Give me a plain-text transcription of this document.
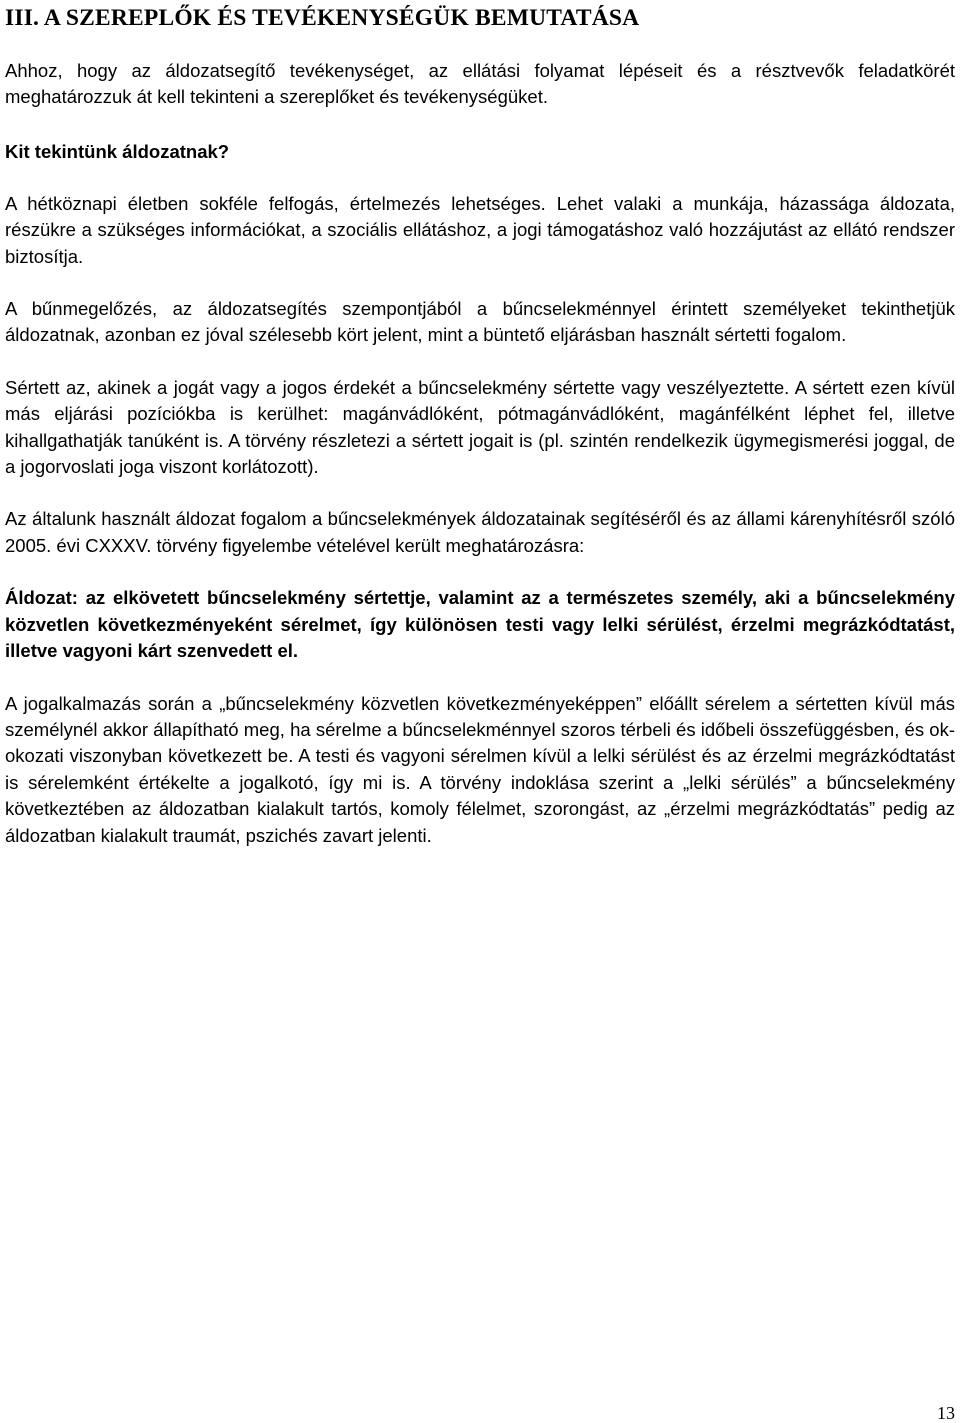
III. A SZEREPLŐK ÉS TEVÉKENYSÉGÜK BEMUTATÁSA

Ahhoz, hogy az áldozatsegítő tevékenységet, az ellátási folyamat lépéseit és a résztvevők feladatkörét meghatározzuk át kell tekinteni a szereplőket és tevékenységüket.

Kit tekintünk áldozatnak?

A hétköznapi életben sokféle felfogás, értelmezés lehetséges. Lehet valaki a munkája, házassága áldozata, részükre a szükséges információkat, a szociális ellátáshoz, a jogi támogatáshoz való hozzájutást az ellátó rendszer biztosítja.

A bűnmegelőzés, az áldozatsegítés szempontjából a bűncselekménnyel érintett személyeket tekinthetjük áldozatnak, azonban ez jóval szélesebb kört jelent, mint a büntető eljárásban használt sértetti fogalom.

Sértett az, akinek a jogát vagy a jogos érdekét a bűncselekmény sértette vagy veszélyeztette. A sértett ezen kívül más eljárási pozíciókba is kerülhet: magánvádlóként, pótmagánvádlóként, magánfélként léphet fel, illetve kihallgathatják tanúként is. A törvény részletezi a sértett jogait is (pl. szintén rendelkezik ügymegismerési joggal, de a jogorvoslati joga viszont korlátozott).

Az általunk használt áldozat fogalom a bűncselekmények áldozatainak segítéséről és az állami kárenyhítésről szóló 2005. évi CXXXV. törvény figyelembe vételével került meghatározásra:

Áldozat: az elkövetett bűncselekmény sértettje, valamint az a természetes személy, aki a bűncselekmény közvetlen következményeként sérelmet, így különösen testi vagy lelki sérülést, érzelmi megrázkódtatást, illetve vagyoni kárt szenvedett el.

A jogalkalmazás során a „bűncselekmény közvetlen következményeképpen” előállt sérelem a sértetten kívül más személynél akkor állapítható meg, ha sérelme a bűncselekménnyel szoros térbeli és időbeli összefüggésben, és ok-okozati viszonyban következett be. A testi és vagyoni sérelmen kívül a lelki sérülést és az érzelmi megrázkódtatást is sérelemként értékelte a jogalkotó, így mi is. A törvény indoklása szerint a „lelki sérülés” a bűncselekmény következtében az áldozatban kialakult tartós, komoly félelmet, szorongást, az „érzelmi megrázkódtatás” pedig az áldozatban kialakult traumát, pszichés zavart jelenti.

13
